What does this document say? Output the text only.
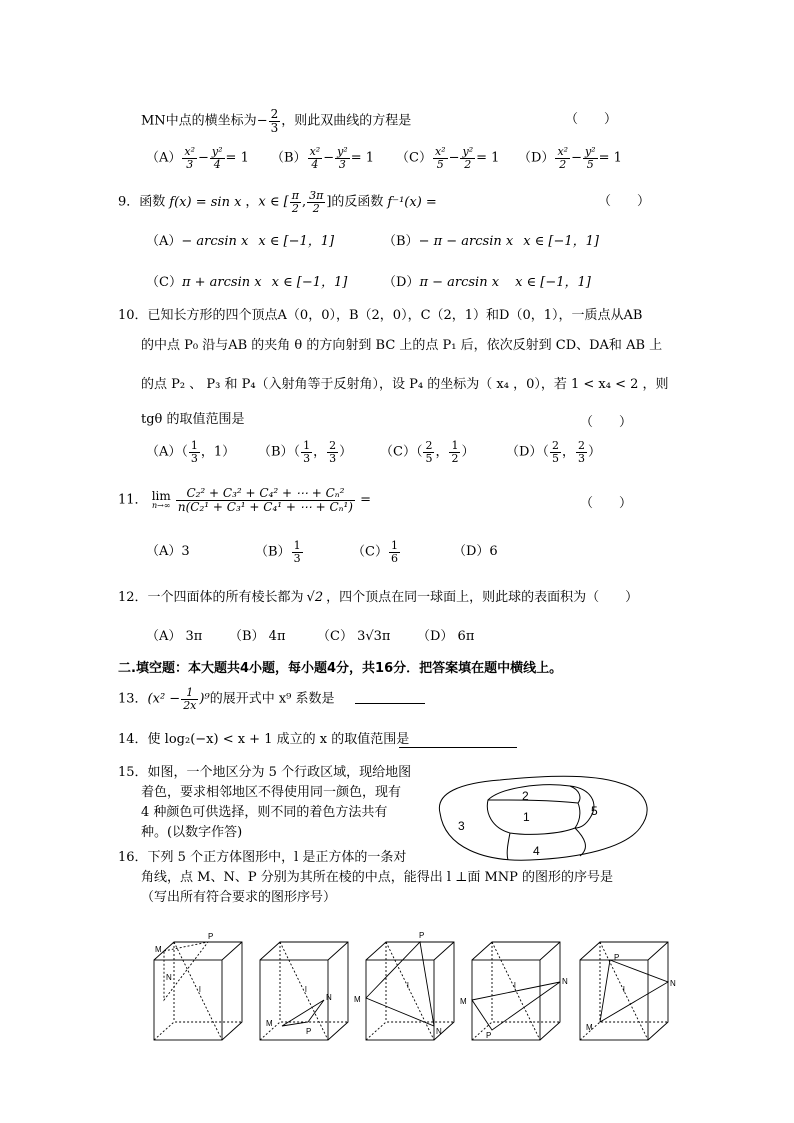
MN中点的横坐标为− $\frac{2}{3}$ ，则此双曲线的方程是	（　　）
$(A) \frac{\text{x²}}{3} - \frac{\text{y²}}{4} = 1$ $(B) \frac{\text{x²}}{4} - \frac{\text{y²}}{3} = 1$ $(C) \frac{\text{x²}}{5} - \frac{\text{y²}}{2} = 1$ $(D) \frac{\text{x²}}{2} - \frac{\text{y²}}{5} = 1$
9．函数 f(x) = sin x ，x ∈ [ $\frac{\pi}{2}$ , $\frac{3\pi}{2}$ ]的反函数 f⁻¹(x) =	（　　）
（A）− arcsin x x ∈ [−1，1]	（B）− π − arcsin x x ∈ [−1，1]
（C）π + arcsin x x ∈ [−1，1]	（D）π − arcsin x x ∈ [−1，1]
10．已知长方形的四个顶点A（0，0），B（2，0），C（2，1）和D（0，1），一质点从AB
的中点 P₀ 沿与AB 的夹角 θ 的方向射到 BC 上的点 P₁ 后，依次反射到 CD、DA和 AB 上
的点 P₂ 、 P₃ 和 P₄（入射角等于反射角），设 P₄ 的坐标为（ x₄ ，0），若 1 < x₄ < 2 ，则
tgθ 的取值范围是	（　　）
$(A)( \frac{1}{3}$ ，1） $(B)( \frac{1}{3}$ ， $\frac{2}{3}$ ） $(C)( \frac{2}{5}$ ， $\frac{1}{2}$ ） $(D)( \frac{2}{5}$ ， $\frac{2}{3}$ ）
11． lim
n→∞
$\frac{\text{C₂² + C₃² + C₄² + ⋯ + Cₙ²}}{\text{n(C₂¹ + C₃¹ + C₄¹ + ⋯ + Cₙ¹)}}$ =	（　　）
（A）3	$(B) \frac{1}{3}$	$(C) \frac{1}{6}$	（D）6
12．一个四面体的所有棱长都为 √2 ，四个顶点在同一球面上，则此球的表面积为（　　）
（A） 3π （B） 4π （C） 3√3π （D） 6π
二.填空题：本大题共4小题，每小题4分，共16分．把答案填在题中横线上。
13．$(x^2 - \frac{1}{2x} )^9$的展开式中 x⁹ 系数是
14．使 log₂(−x) < x + 1 成立的 x 的取值范围是
15．如图，一个地区分为 5 个行政区域，现给地图
着色，要求相邻地区不得使用同一颜色，现有
4 种颜色可供选择，则不同的着色方法共有
种。(以数字作答)
2
1	5
3
4
16．下列 5 个正方体图形中，l 是正方体的一条对
角线，点 M、N、P 分别为其所在棱的中点，能得出 l ⊥面 MNP 的图形的序号是
（写出所有符合要求的图形序号）
M
P
N
l
M
N
P
l
P
M
N
l
M
N
P
l
P
N
M
l
